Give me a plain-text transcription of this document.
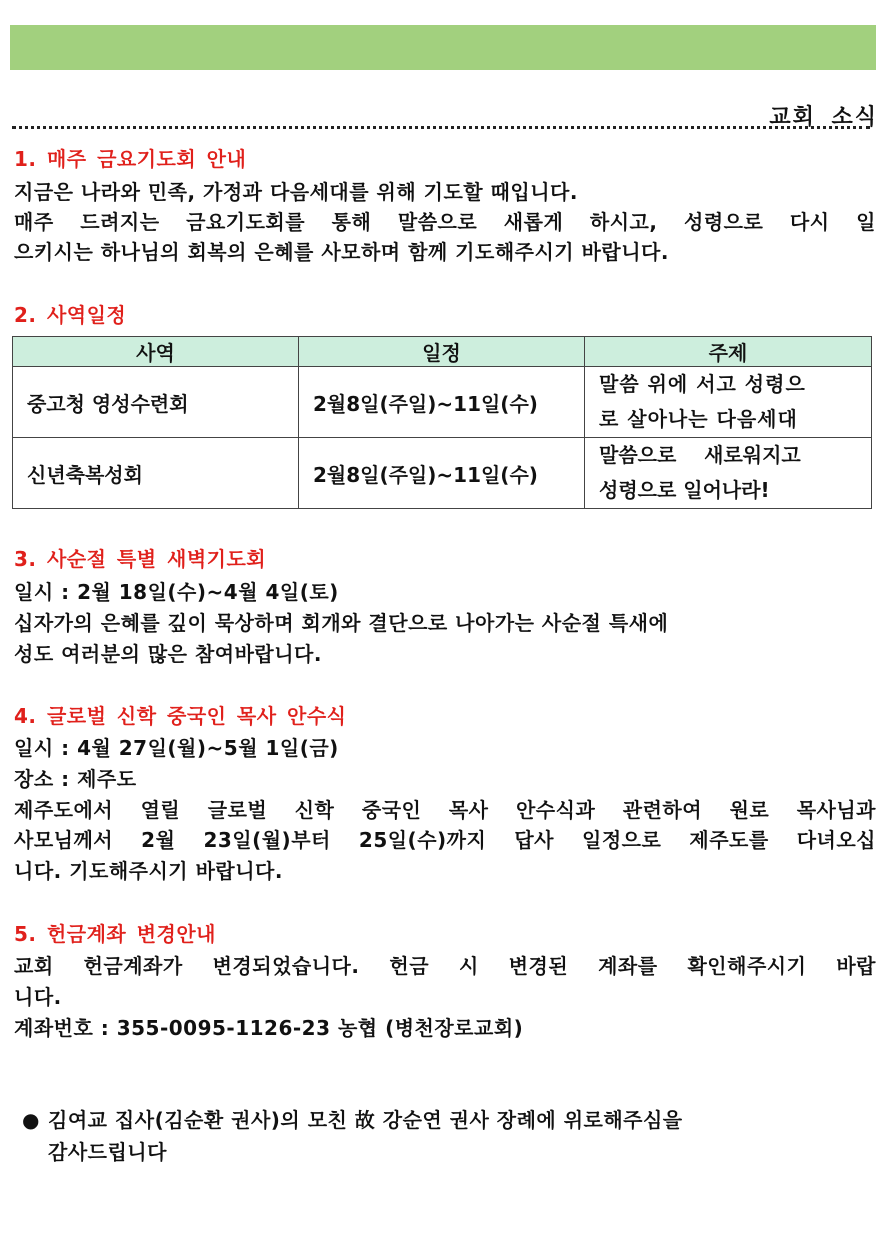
교회 소식
1. 매주 금요기도회 안내
지금은 나라와 민족, 가정과 다음세대를 위해 기도할 때입니다.
매주 드려지는 금요기도회를 통해 말씀으로 새롭게 하시고, 성령으로 다시 일
으키시는 하나님의 회복의 은혜를 사모하며 함께 기도해주시기 바랍니다.
2. 사역일정
사역	일정	주제
중고청 영성수련회	2월8일(주일)~11일(수)	말씀 위에 서고 성령으
로 살아나는 다음세대

신년축복성회	2월8일(주일)~11일(수)	말씀으로    새로워지고
성령으로 일어나라!
3. 사순절 특별 새벽기도회
일시 : 2월 18일(수)~4월 4일(토)
십자가의 은혜를 깊이 묵상하며 회개와 결단으로 나아가는 사순절 특새에
성도 여러분의 많은 참여바랍니다.
4. 글로벌 신학 중국인 목사 안수식
일시 : 4월 27일(월)~5월 1일(금)
장소 : 제주도
제주도에서 열릴 글로벌 신학 중국인 목사 안수식과 관련하여 원로 목사님과
사모님께서 2월 23일(월)부터 25일(수)까지 답사 일정으로 제주도를 다녀오십
니다. 기도해주시기 바랍니다.
5. 헌금계좌 변경안내
교회 헌금계좌가 변경되었습니다. 헌금 시 변경된 계좌를 확인해주시기 바랍
니다.
계좌번호 : 355-0095-1126-23 농협 (병천장로교회)
● 김여교 집사(김순환 권사)의 모친 故 강순연 권사 장례에 위로해주심을
감사드립니다
